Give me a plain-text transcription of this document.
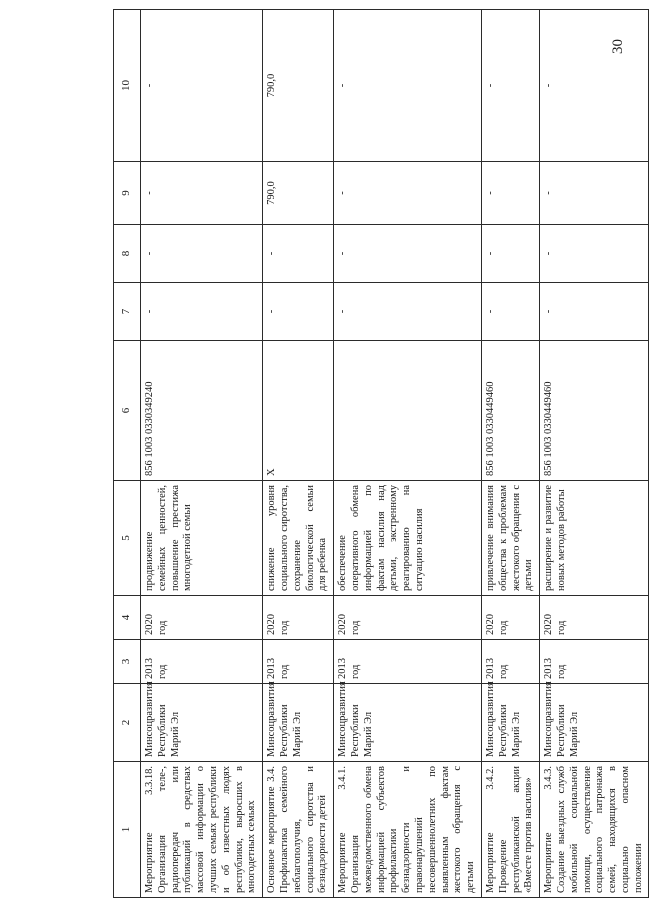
30
1	2	3	4	5	6	7	8	9	10
Мероприятие 3.3.18. Организация теле-, радиопередач или публикаций в средствах массовой информации о лучших семьях республики и об известных людях республики, выросших в многодетных семьях	Минсоцразвития Республики Марий Эл	2013 год	2020 год	продвижение семейных ценностей, повышение престижа многодетной семьи	856 1003 0330349240	-	-	-	-
Основное мероприятие 3.4. Профилактика семейного неблагополучия, социального сиротства и безнадзорности детей	Минсоцразвития Республики Марий Эл	2013 год	2020 год	снижение уровня социального сиротства, сохранение биологической семьи для ребенка	Х	-	-	790,0	790,0
Мероприятие 3.4.1. Организация межведомственного обмена информацией субъектов профилактики безнадзорности и правонарушений несовершеннолетних по выявленным фактам жестокого обращения с детьми	Минсоцразвития Республики Марий Эл	2013 год	2020 год	обеспечение оперативного обмена информацией по фактам насилия над детьми, экстренному реагированию на ситуацию насилия		-	-	-	-
Мероприятие 3.4.2. Проведение республиканской акции «Вместе против насилия»	Минсоцразвития Республики Марий Эл	2013 год	2020 год	привлечение внимания общества к проблемам жестокого обращения с детьми	856 1003 0330449460	-	-	-	-
Мероприятие 3.4.3. Создание выездных служб мобильной социальной помощи, осуществление социального патронажа семей, находящихся в социально опасном положении	Минсоцразвития Республики Марий Эл	2013 год	2020 год	расширение и развитие новых методов работы	856 1003 0330449460	-	-	-	-
